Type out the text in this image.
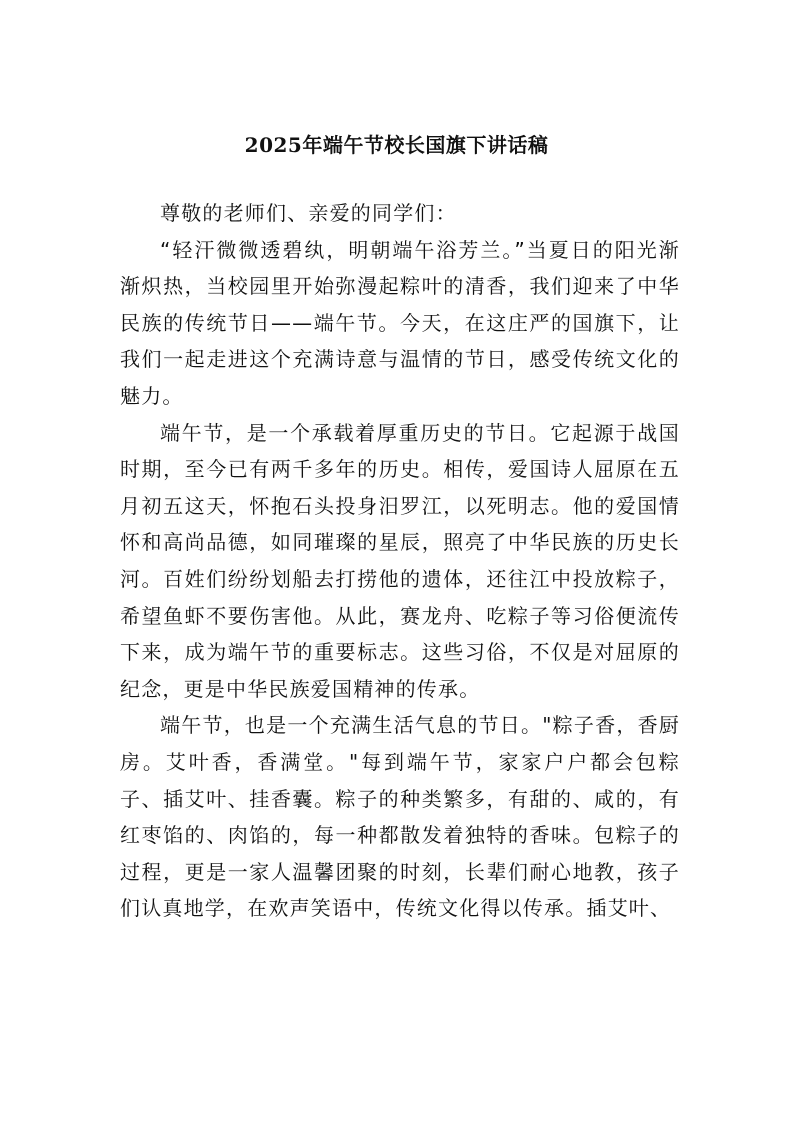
2025年端午节校长国旗下讲话稿

尊敬的老师们、亲爱的同学们：

“轻汗微微透碧纨，明朝端午浴芳兰。”当夏日的阳光渐渐炽热，当校园里开始弥漫起粽叶的清香，我们迎来了中华民族的传统节日——端午节。今天，在这庄严的国旗下，让我们一起走进这个充满诗意与温情的节日，感受传统文化的魅力。

端午节，是一个承载着厚重历史的节日。它起源于战国时期，至今已有两千多年的历史。相传，爱国诗人屈原在五月初五这天，怀抱石头投身汨罗江，以死明志。他的爱国情怀和高尚品德，如同璀璨的星辰，照亮了中华民族的历史长河。百姓们纷纷划船去打捞他的遗体，还往江中投放粽子，希望鱼虾不要伤害他。从此，赛龙舟、吃粽子等习俗便流传下来，成为端午节的重要标志。这些习俗，不仅是对屈原的纪念，更是中华民族爱国精神的传承。

端午节，也是一个充满生活气息的节日。"粽子香，香厨房。艾叶香，香满堂。"每到端午节，家家户户都会包粽子、插艾叶、挂香囊。粽子的种类繁多，有甜的、咸的，有红枣馅的、肉馅的，每一种都散发着独特的香味。包粽子的过程，更是一家人温馨团聚的时刻，长辈们耐心地教，孩子们认真地学，在欢声笑语中，传统文化得以传承。插艾叶、
